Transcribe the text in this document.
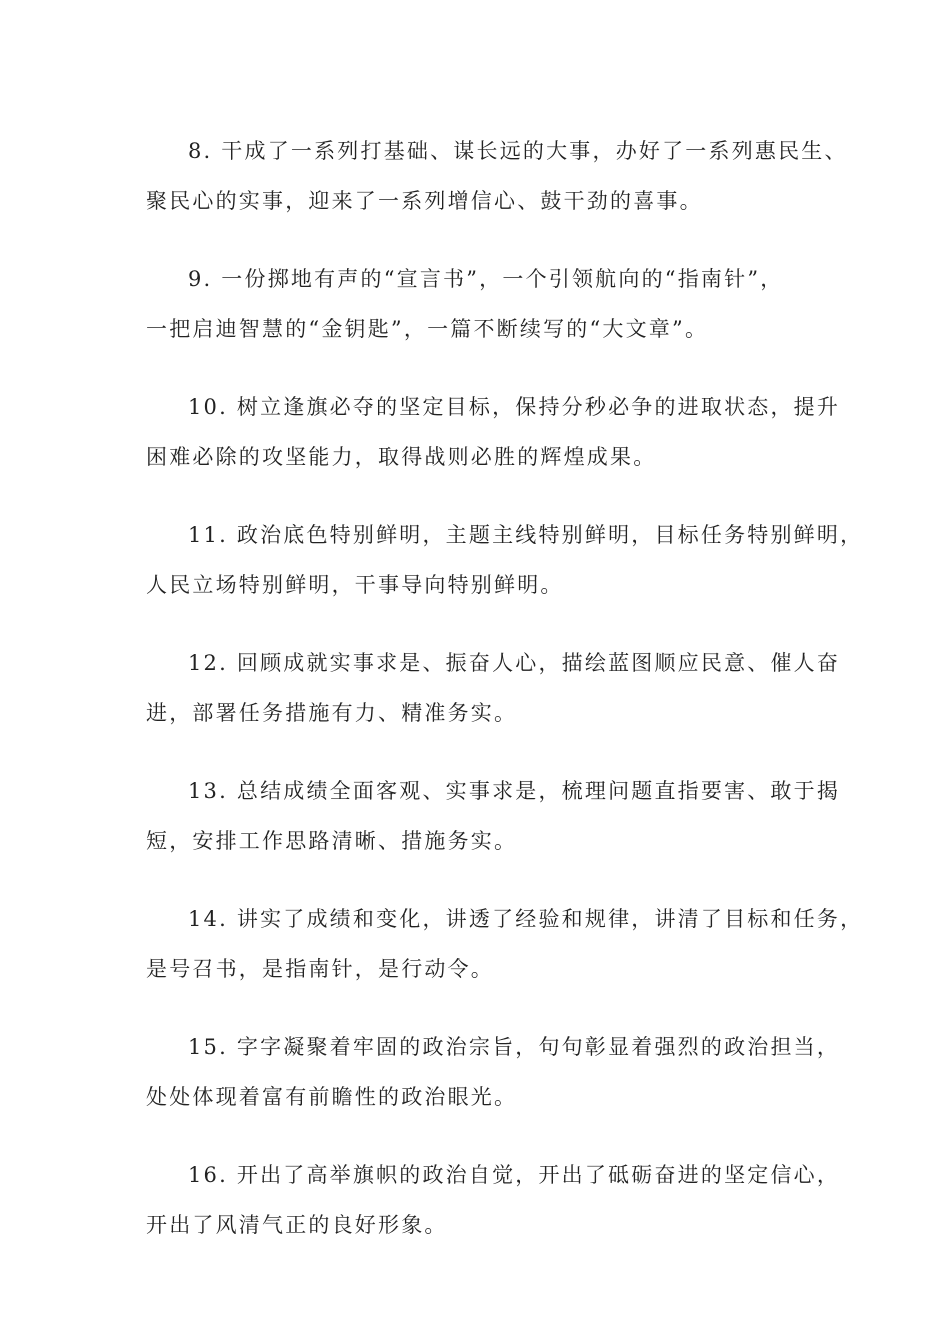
8. 干成了一系列打基础、谋长远的大事，办好了一系列惠民生、
聚民心的实事，迎来了一系列增信心、鼓干劲的喜事。

9. 一份掷地有声的“宣言书”，一个引领航向的“指南针”，
一把启迪智慧的“金钥匙”，一篇不断续写的“大文章”。

10. 树立逢旗必夺的坚定目标，保持分秒必争的进取状态，提升
困难必除的攻坚能力，取得战则必胜的辉煌成果。

11. 政治底色特别鲜明，主题主线特别鲜明，目标任务特别鲜明，
人民立场特别鲜明，干事导向特别鲜明。

12. 回顾成就实事求是、振奋人心，描绘蓝图顺应民意、催人奋
进，部署任务措施有力、精准务实。

13. 总结成绩全面客观、实事求是，梳理问题直指要害、敢于揭
短，安排工作思路清晰、措施务实。

14. 讲实了成绩和变化，讲透了经验和规律，讲清了目标和任务，
是号召书，是指南针，是行动令。

15. 字字凝聚着牢固的政治宗旨，句句彰显着强烈的政治担当，
处处体现着富有前瞻性的政治眼光。

16. 开出了高举旗帜的政治自觉，开出了砥砺奋进的坚定信心，
开出了风清气正的良好形象。
